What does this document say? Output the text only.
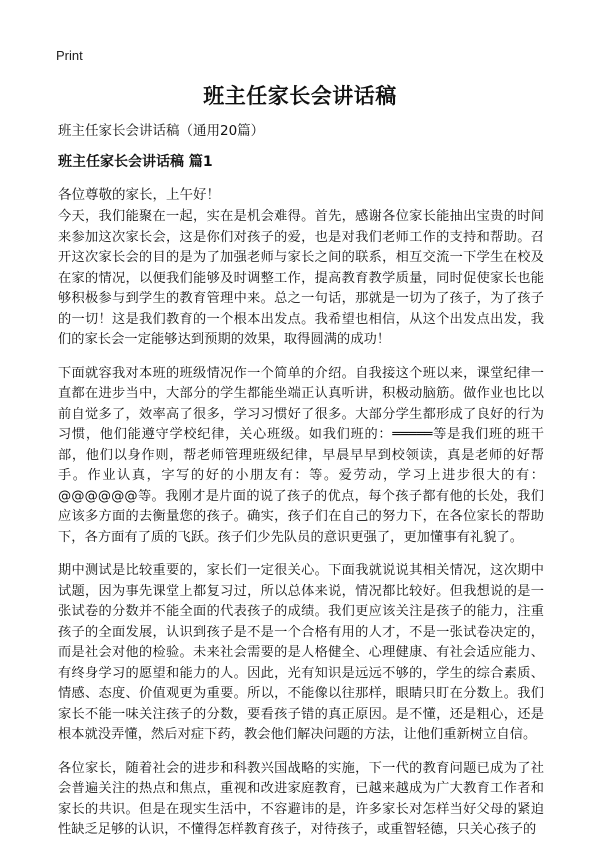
Print
班主任家长会讲话稿
班主任家长会讲话稿（通用20篇）
班主任家长会讲话稿 篇1
各位尊敬的家长，上午好！

今天，我们能聚在一起，实在是机会难得。首先，感谢各位家长能抽出宝贵的时间来参加这次家长会，这是你们对孩子的爱，也是对我们老师工作的支持和帮助。召开这次家长会的目的是为了加强老师与家长之间的联系，相互交流一下学生在校及在家的情况，以便我们能够及时调整工作，提高教育教学质量，同时促使家长也能够积极参与到学生的教育管理中来。总之一句话，那就是一切为了孩子，为了孩子的一切！这是我们教育的一个根本出发点。我希望也相信，从这个出发点出发，我们的家长会一定能够达到预期的效果，取得圆满的成功！

下面就容我对本班的班级情况作一个简单的介绍。自我接这个班以来，课堂纪律一直都在进步当中，大部分的学生都能坐端正认真听讲，积极动脑筋。做作业也比以前自觉多了，效率高了很多，学习习惯好了很多。大部分学生都形成了良好的行为习惯，他们能遵守学校纪律，关心班级。如我们班的：═════等是我们班的班干部，他们以身作则，帮老师管理班级纪律，早晨早早到校领读，真是老师的好帮手。作业认真，字写的好的小朋友有：等。爱劳动，学习上进步很大的有：@@@@@@等。我刚才是片面的说了孩子的优点，每个孩子都有他的长处，我们应该多方面的去衡量您的孩子。确实，孩子们在自己的努力下，在各位家长的帮助下，各方面有了质的飞跃。孩子们少先队员的意识更强了，更加懂事有礼貌了。

期中测试是比较重要的，家长们一定很关心。下面我就说说其相关情况，这次期中试题，因为事先课堂上都复习过，所以总体来说，情况都比较好。但我想说的是一张试卷的分数并不能全面的代表孩子的成绩。我们更应该关注是孩子的能力，注重孩子的全面发展，认识到孩子是不是一个合格有用的人才，不是一张试卷决定的，而是社会对他的检验。未来社会需要的是人格健全、心理健康、有社会适应能力、有终身学习的愿望和能力的人。因此，光有知识是远远不够的，学生的综合素质、情感、态度、价值观更为重要。所以，不能像以往那样，眼睛只盯在分数上。我们家长不能一味关注孩子的分数，要看孩子错的真正原因。是不懂，还是粗心，还是根本就没弄懂，然后对症下药，教会他们解决问题的方法，让他们重新树立自信。

各位家长，随着社会的进步和科教兴国战略的实施，下一代的教育问题已成为了社会普遍关注的热点和焦点，重视和改进家庭教育，已越来越成为广大教育工作者和家长的共识。但是在现实生活中，不容避讳的是，许多家长对怎样当好父母的紧迫性缺乏足够的认识，不懂得怎样教育孩子，对待孩子，或重智轻德，只关心孩子的
